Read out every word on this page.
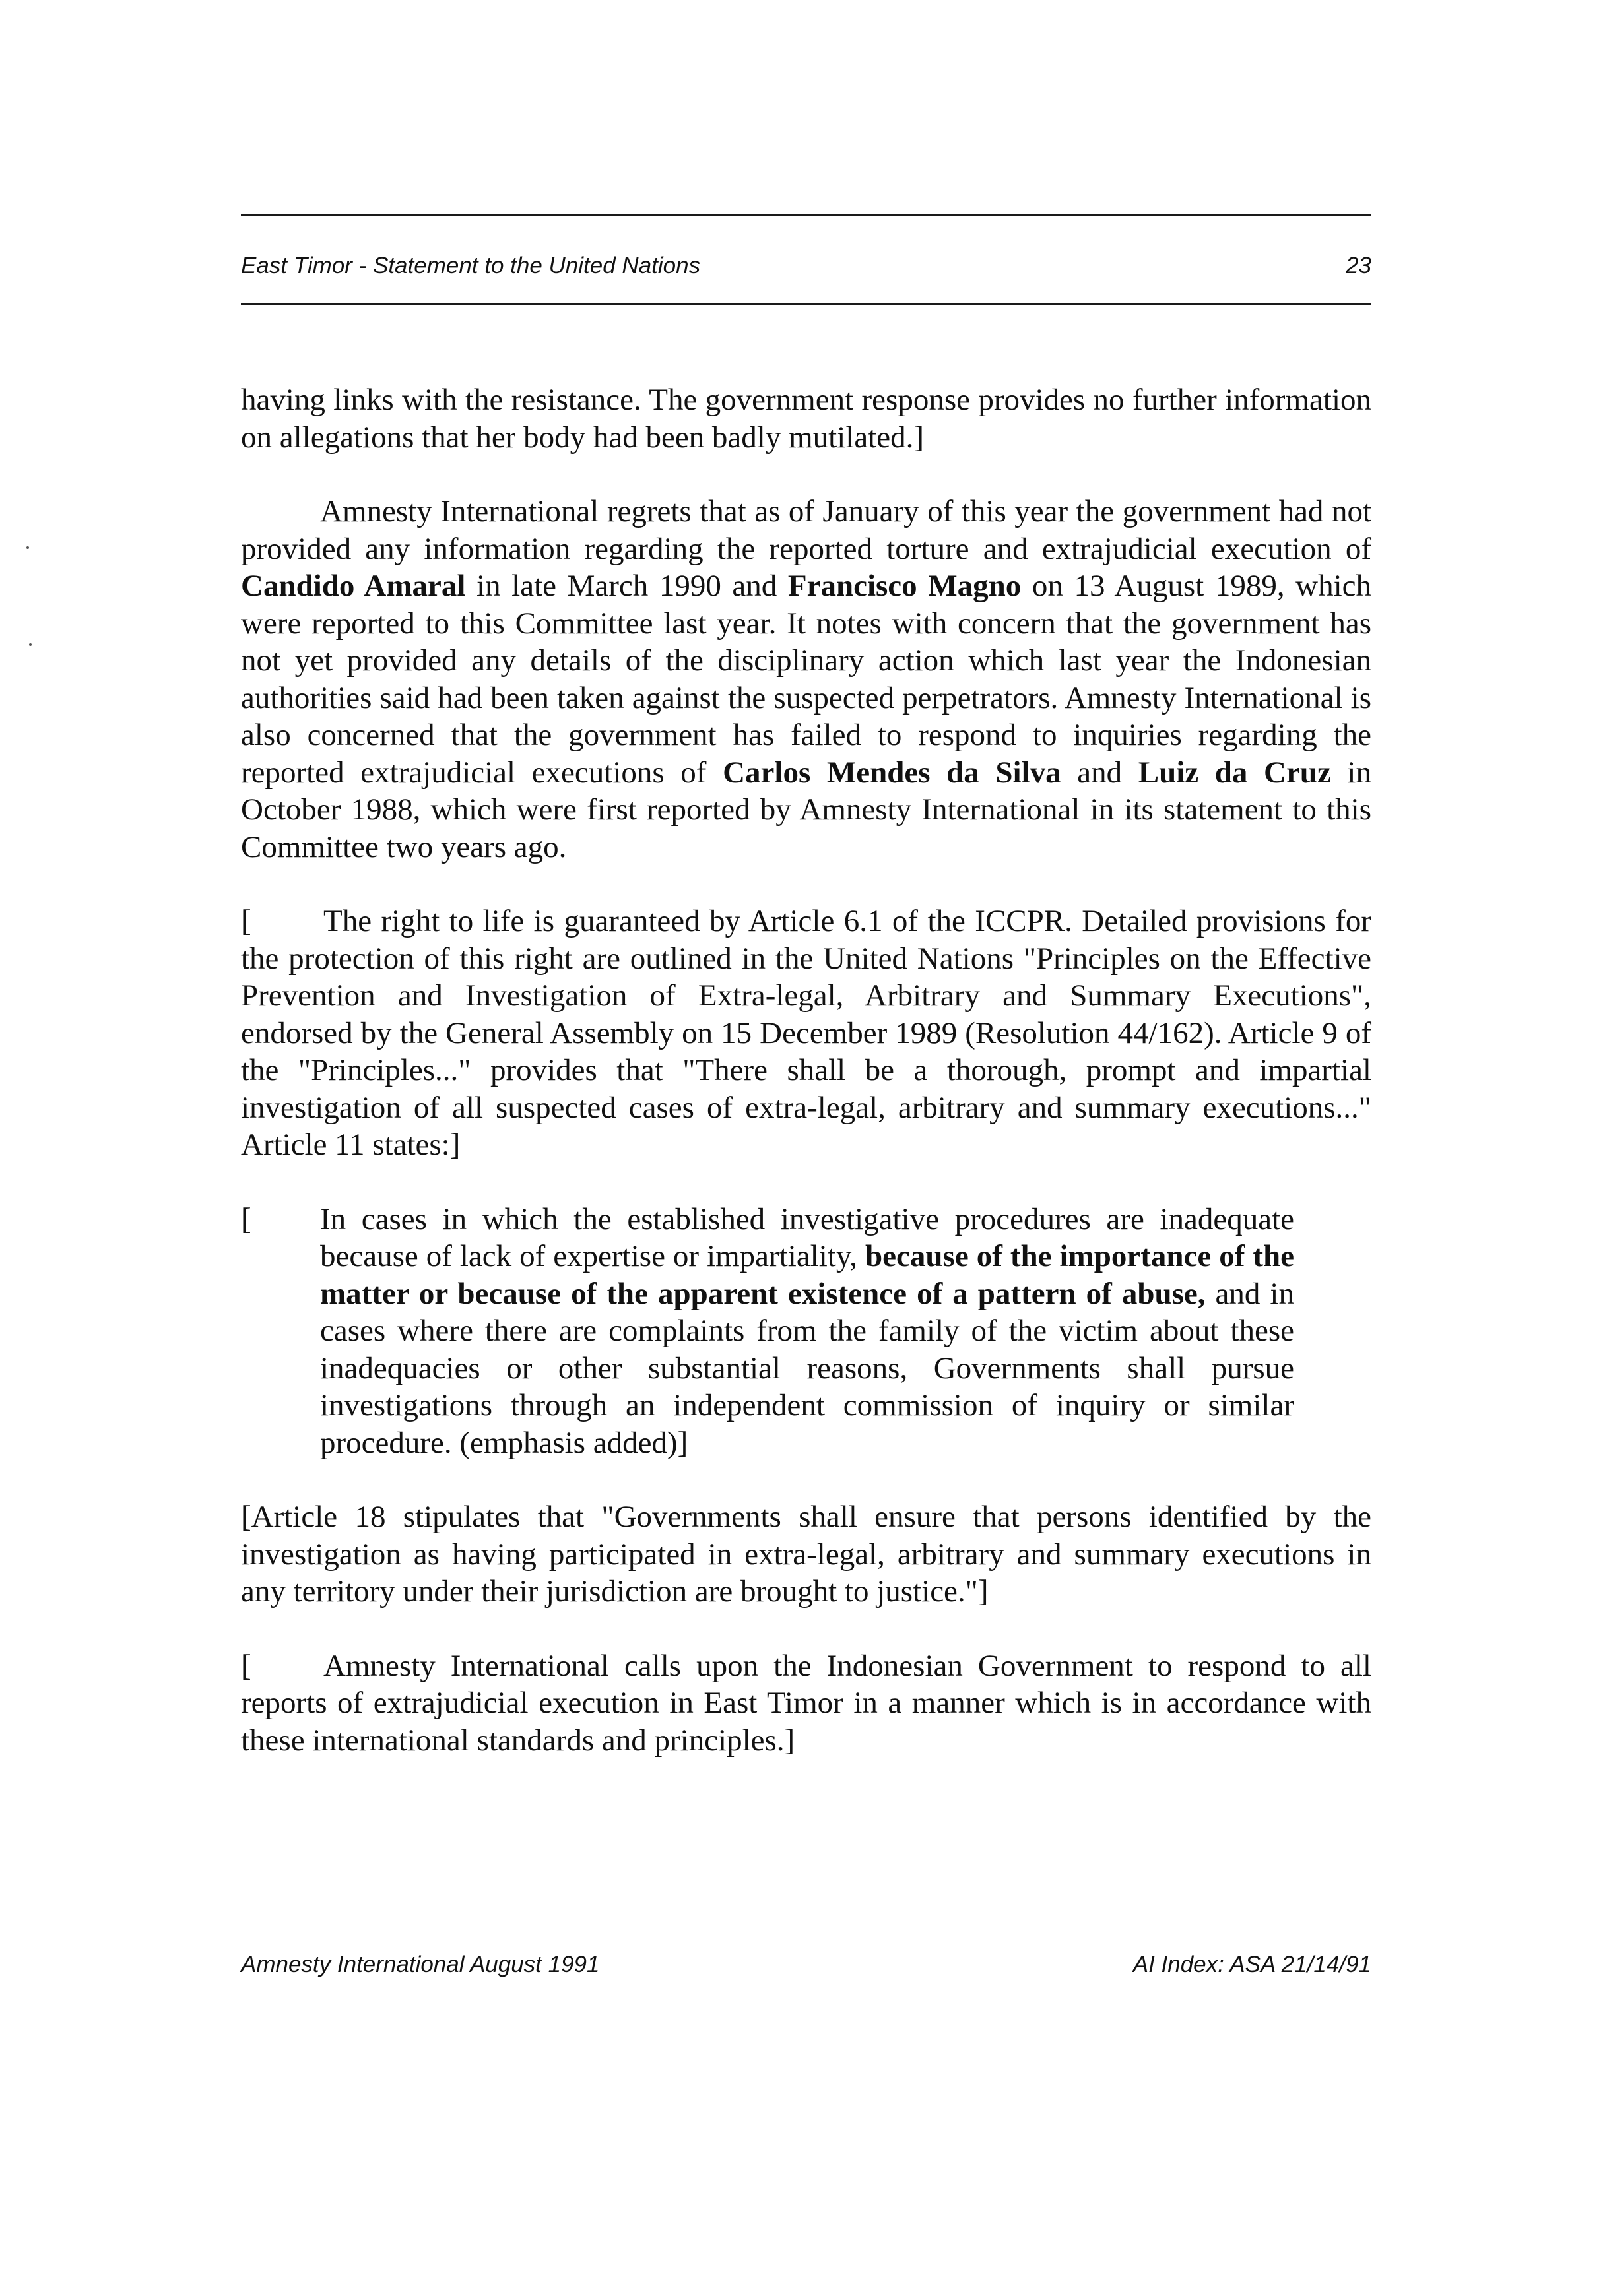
East Timor - Statement to the United Nations	23

having links with the resistance. The government response provides no further information on allegations that her body had been badly mutilated.]

Amnesty International regrets that as of January of this year the government had not provided any information regarding the reported torture and extrajudicial execution of Candido Amaral in late March 1990 and Francisco Magno on 13 August 1989, which were reported to this Committee last year. It notes with concern that the government has not yet provided any details of the disciplinary action which last year the Indonesian authorities said had been taken against the suspected perpetrators. Amnesty International is also concerned that the government has failed to respond to inquiries regarding the reported extrajudicial executions of Carlos Mendes da Silva and Luiz da Cruz in October 1988, which were first reported by Amnesty International in its statement to this Committee two years ago.

[ The right to life is guaranteed by Article 6.1 of the ICCPR. Detailed provisions for the protection of this right are outlined in the United Nations "Principles on the Effective Prevention and Investigation of Extra-legal, Arbitrary and Summary Executions", endorsed by the General Assembly on 15 December 1989 (Resolution 44/162). Article 9 of the "Principles..." provides that "There shall be a thorough, prompt and impartial investigation of all suspected cases of extra-legal, arbitrary and summary executions..." Article 11 states:]

[ In cases in which the established investigative procedures are inadequate because of lack of expertise or impartiality, because of the importance of the matter or because of the apparent existence of a pattern of abuse, and in cases where there are complaints from the family of the victim about these inadequacies or other substantial reasons, Governments shall pursue investigations through an independent commission of inquiry or similar procedure. (emphasis added)]

[Article 18 stipulates that "Governments shall ensure that persons identified by the investigation as having participated in extra-legal, arbitrary and summary executions in any territory under their jurisdiction are brought to justice."]

[ Amnesty International calls upon the Indonesian Government to respond to all reports of extrajudicial execution in East Timor in a manner which is in accordance with these international standards and principles.]

Amnesty International August 1991	AI Index: ASA 21/14/91
